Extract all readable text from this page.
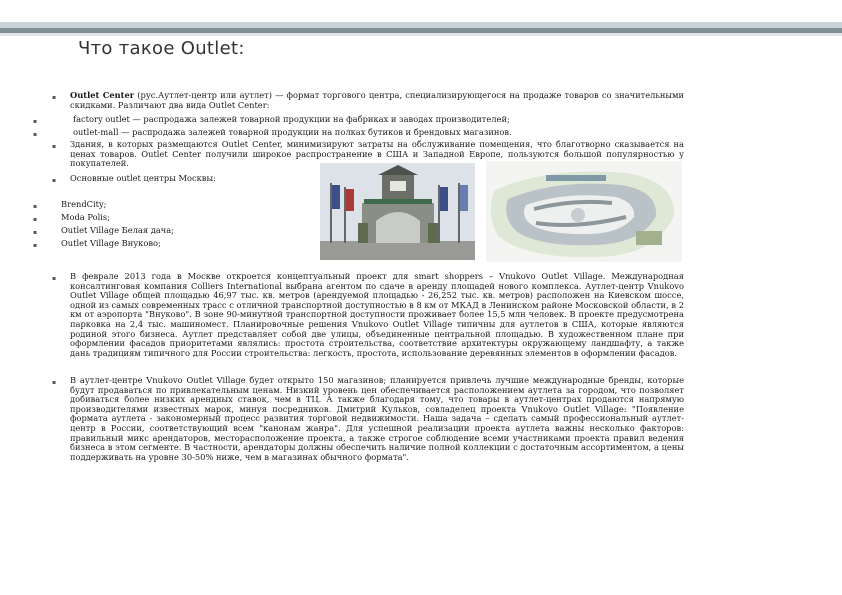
Что такое Outlet:
▪ Outlet Center (рус.Аутлет-центр или аутлет) — формат торгового центра, специализирующегося на продаже товаров со значительными скидками. Различают два вида Outlet Center:
▪	factory outlet — распродажа залежей товарной продукции на фабриках и заводах производителей;
▪	outlet-mall — распродажа залежей товарной продукции на полках бутиков и брендовых магазинов.
▪ Здания, в которых размещаются Outlet Center, минимизируют затраты на обслуживание помещения, что благотворно сказывается на ценах товаров. Outlet Center получили широкое распространение в США и Западной Европе, пользуются большой популярностью у покупателей.
▪ Основные outlet центры Москвы:
▪	BrendCity;
▪	Moda Polis;
▪	Outlet Village Белая дача;
▪	Outlet Village Внуково;
▪ В феврале 2013 года в Москве откроется концептуальный проект для smart shoppers – Vnukovo Outlet Village. Международная консалтинговая компания Colliers International выбрана агентом по сдаче в аренду площадей нового комплекса. Аутлет-центр Vnukovo Outlet Village общей площадью 46,97 тыс. кв. метров (арендуемой площадью - 26,252 тыс. кв. метров) расположен на Киевском шоссе, одной из самых современных трасс с отличной транспортной доступностью в 8 км от МКАД в Ленинском районе Московской области, в 2 км от аэропорта "Внуково". В зоне 90-минутной транспортной доступности проживает более 15,5 млн человек. В проекте предусмотрена парковка на 2,4 тыс. машиномест. Планировочные решения Vnukovo Outlet Village типичны для аутлетов в США, которые являются родиной этого бизнеса. Аутлет представляет собой две улицы, объединенные центральной площадью. В художественном плане при оформлении фасадов приоритетами являлись: простота строительства, соответствие архитектуры окружающему ландшафту, а также дань традициям типичного для России строительства: легкость, простота, использование деревянных элементов в оформлении фасадов.
▪ В аутлет-центре Vnukovo Outlet Village будет открыто 150 магазинов; планируется привлечь лучшие международные бренды, которые будут продаваться по привлекательным ценам. Низкий уровень цен обеспечивается расположением аутлета за городом, что позволяет добиваться более низких арендных ставок, чем в ТЦ. А также благодаря тому, что товары в аутлет-центрах продаются напрямую производителями известных марок, минуя посредников. Дмитрий Кульков, совладелец проекта Vnukovo Outlet Village: "Появление формата аутлета - закономерный процесс развития торговой недвижимости. Наша задача – сделать самый профессиональный аутлет-центр в России, соответствующий всем "канонам жанра". Для успешной реализации проекта аутлета важны несколько факторов: правильный микс арендаторов, месторасположение проекта, а также строгое соблюдение всеми участниками проекта правил ведения бизнеса в этом сегменте. В частности, арендаторы должны обеспечить наличие полной коллекции с достаточным ассортиментом, а цены поддерживать на уровне 30-50% ниже, чем в магазинах обычного формата".
